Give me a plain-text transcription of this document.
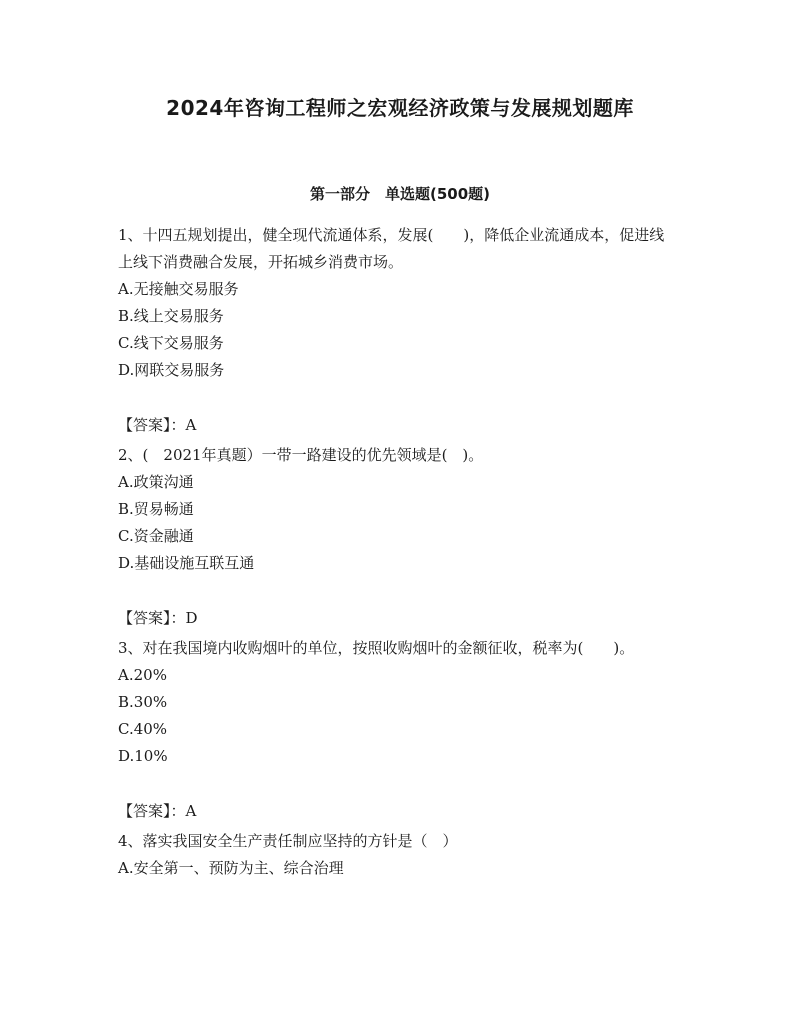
2024年咨询工程师之宏观经济政策与发展规划题库
第一部分　单选题(500题)

1、十四五规划提出，健全现代流通体系，发展(　　)，降低企业流通成本，促进线上线下消费融合发展，开拓城乡消费市场。

A.无接触交易服务
B.线上交易服务
C.线下交易服务
D.网联交易服务
【答案】：A

2、(　2021年真题）一带一路建设的优先领域是(　)。

A.政策沟通
B.贸易畅通
C.资金融通
D.基础设施互联互通
【答案】：D

3、对在我国境内收购烟叶的单位，按照收购烟叶的金额征收，税率为(　　)。

A.20%
B.30%
C.40%
D.10%
【答案】：A

4、落实我国安全生产责任制应坚持的方针是（　）

A.安全第一、预防为主、综合治理
